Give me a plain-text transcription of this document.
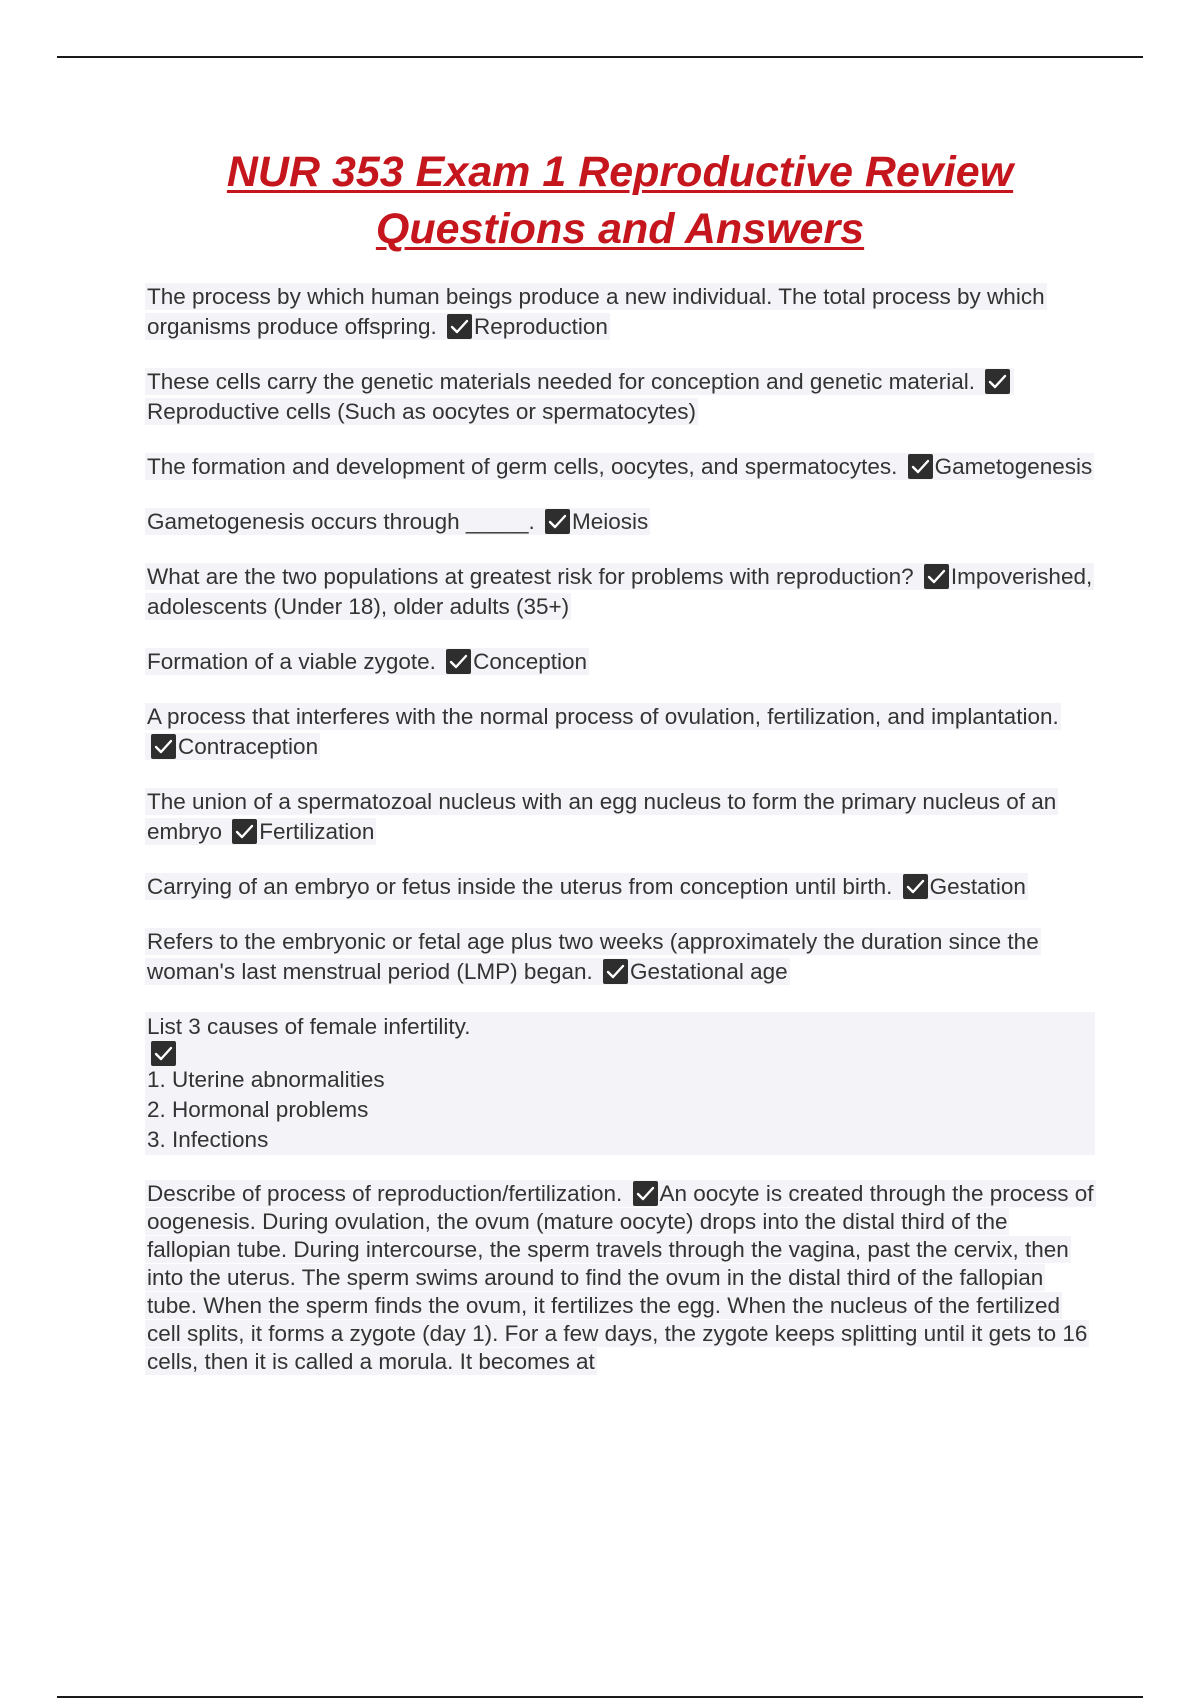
NUR 353 Exam 1 Reproductive Review
Questions and Answers

The process by which human beings produce a new individual. The total process by which organisms produce offspring. Reproduction

These cells carry the genetic materials needed for conception and genetic material.
Reproductive cells (Such as oocytes or spermatocytes)

The formation and development of germ cells, oocytes, and spermatocytes. Gametogenesis

Gametogenesis occurs through _____. Meiosis

What are the two populations at greatest risk for problems with reproduction? Impoverished, adolescents (Under 18), older adults (35+)

Formation of a viable zygote. Conception

A process that interferes with the normal process of ovulation, fertilization, and implantation.
Contraception

The union of a spermatozoal nucleus with an egg nucleus to form the primary nucleus of an embryo Fertilization

Carrying of an embryo or fetus inside the uterus from conception until birth. Gestation

Refers to the embryonic or fetal age plus two weeks (approximately the duration since the woman's last menstrual period (LMP) began. Gestational age

List 3 causes of female infertility.
1. Uterine abnormalities
2. Hormonal problems
3. Infections

Describe of process of reproduction/fertilization. An oocyte is created through the process of oogenesis. During ovulation, the ovum (mature oocyte) drops into the distal third of the fallopian tube. During intercourse, the sperm travels through the vagina, past the cervix, then into the uterus. The sperm swims around to find the ovum in the distal third of the fallopian tube. When the sperm finds the ovum, it fertilizes the egg. When the nucleus of the fertilized cell splits, it forms a zygote (day 1). For a few days, the zygote keeps splitting until it gets to 16 cells, then it is called a morula. It becomes at
